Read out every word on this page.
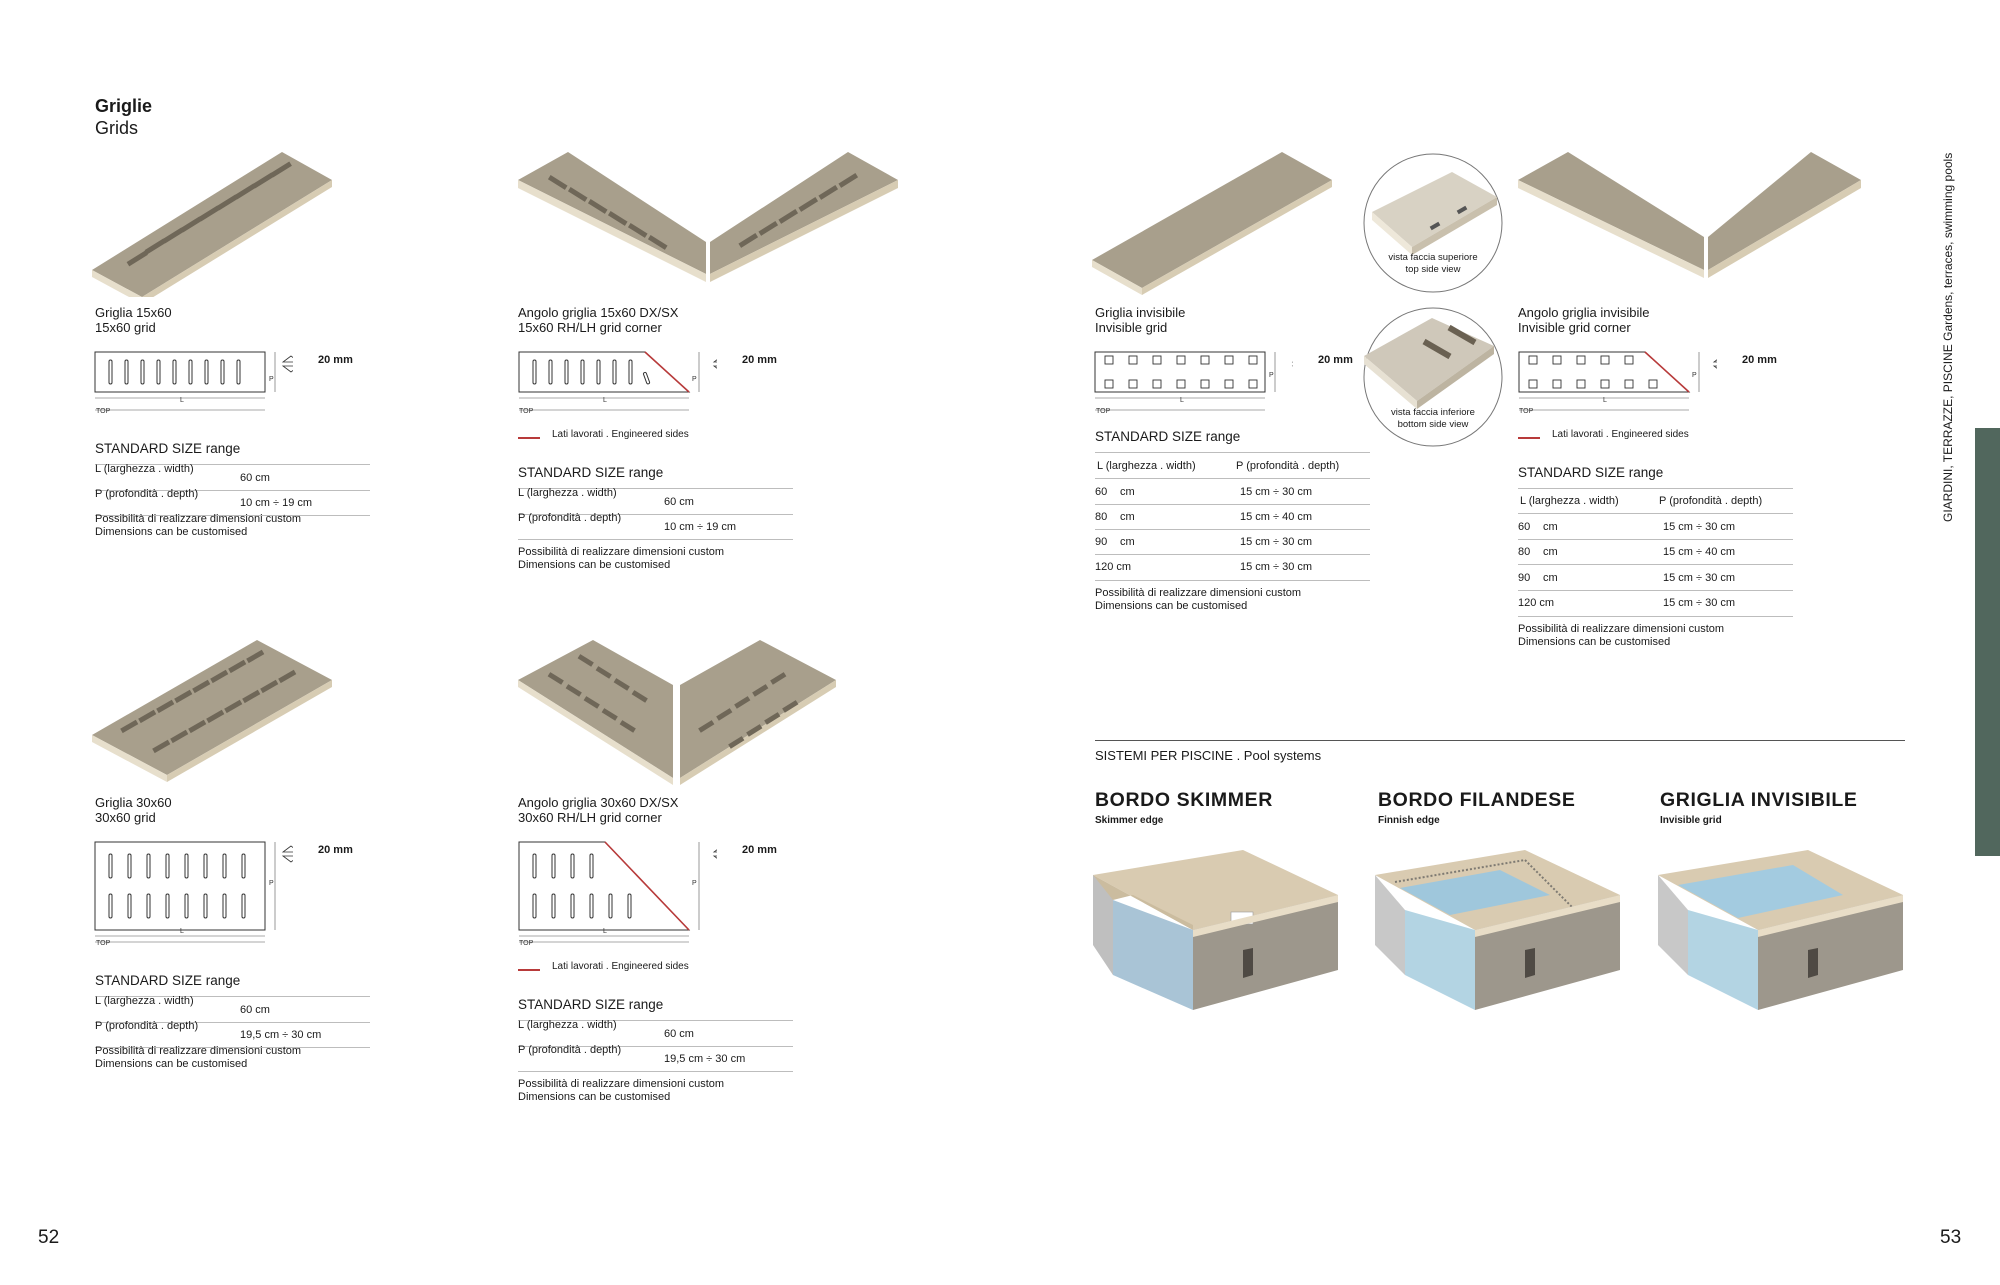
Griglie
Grids
Griglia 15x60
15x60 grid
L
P
TOP
20 mm
STANDARD SIZE range
L (larghezza . width)
60 cm
P (profondità . depth)
10 cm ÷ 19 cm
Possibilità di realizzare dimensioni custom
Dimensions can be customised
Angolo griglia 15x60 DX/SX
15x60 RH/LH grid corner
L
P
TOP
20 mm
Lati lavorati . Engineered sides
STANDARD SIZE range
L (larghezza . width)
60 cm
P (profondità . depth)
10 cm ÷ 19 cm
Possibilità di realizzare dimensioni custom
Dimensions can be customised
Griglia 30x60
30x60 grid
L
P
TOP
20 mm
STANDARD SIZE range
L (larghezza . width)
60 cm
P (profondità . depth)
19,5 cm ÷ 30 cm
Possibilità di realizzare dimensioni custom
Dimensions can be customised
Angolo griglia 30x60 DX/SX
30x60 RH/LH grid corner
L
P
TOP
20 mm
Lati lavorati . Engineered sides
STANDARD SIZE range
L (larghezza . width)
60 cm
P (profondità . depth)
19,5 cm ÷ 30 cm
Possibilità di realizzare dimensioni custom
Dimensions can be customised
vista faccia superiore
top side view
vista faccia inferiore
bottom side view
Griglia invisibile
Invisible grid
L
P
TOP
20 mm
STANDARD SIZE range
L (larghezza . width)	P (profondità . depth)
60 cm	15 cm ÷ 30 cm
80 cm	15 cm ÷ 40 cm
90 cm	15 cm ÷ 30 cm
120 cm	15 cm ÷ 30 cm
Possibilità di realizzare dimensioni custom
Dimensions can be customised
Angolo griglia invisibile
Invisible grid corner
L
P
TOP
20 mm
Lati lavorati . Engineered sides
STANDARD SIZE range
L (larghezza . width)	P (profondità . depth)
60 cm	15 cm ÷ 30 cm
80 cm	15 cm ÷ 40 cm
90 cm	15 cm ÷ 30 cm
120 cm	15 cm ÷ 30 cm
Possibilità di realizzare dimensioni custom
Dimensions can be customised
SISTEMI PER PISCINE . Pool systems
BORDO SKIMMER
Skimmer edge
BORDO FILANDESE
Finnish edge
GRIGLIA INVISIBILE
Invisible grid
GIARDINI, TERRAZZE, PISCINE Gardens, terraces, swimming pools
52	53
